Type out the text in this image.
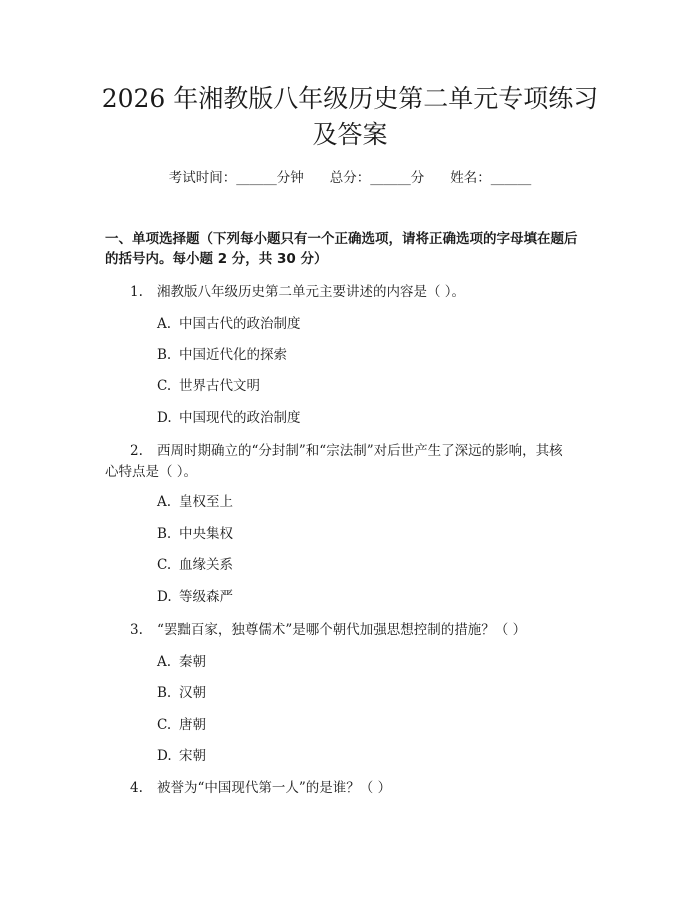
2026 年湘教版八年级历史第二单元专项练习
及答案
考试时间：______分钟 总分：______分 姓名：______
一、单项选择题（下列每小题只有一个正确选项，请将正确选项的字母填在题后
的括号内。每小题 2 分，共 30 分）
1. 湘教版八年级历史第二单元主要讲述的内容是（ ）。
A. 中国古代的政治制度
B. 中国近代化的探索
C. 世界古代文明
D. 中国现代的政治制度
2. 西周时期确立的“分封制”和“宗法制”对后世产生了深远的影响，其核
心特点是（ ）。
A. 皇权至上
B. 中央集权
C. 血缘关系
D. 等级森严
3. “罢黜百家，独尊儒术”是哪个朝代加强思想控制的措施？（ ）
A. 秦朝
B. 汉朝
C. 唐朝
D. 宋朝
4. 被誉为“中国现代第一人”的是谁？（ ）
